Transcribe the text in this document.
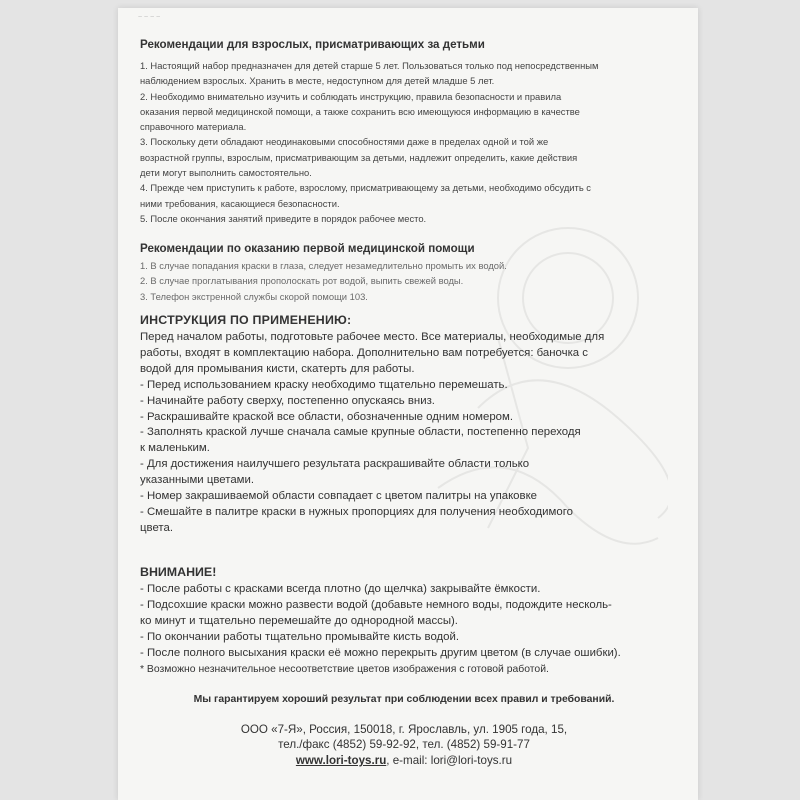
~ ~ ~ ~
Рекомендации для взрослых, присматривающих за детьми

1. Настоящий набор предназначен для детей старше 5 лет. Пользоваться только под непосредственным

наблюдением взрослых. Хранить в месте, недоступном для детей младше 5 лет.

2. Необходимо внимательно изучить и соблюдать инструкцию, правила безопасности и правила

оказания первой медицинской помощи, а также сохранить всю имеющуюся информацию в качестве

справочного материала.

3. Поскольку дети обладают неодинаковыми способностями даже в пределах одной и той же

возрастной группы, взрослым, присматривающим за детьми, надлежит определить, какие действия

дети могут выполнить самостоятельно.

4. Прежде чем приступить к работе, взрослому, присматривающему за детьми, необходимо обсудить с

ними требования, касающиеся безопасности.

5. После окончания занятий приведите в порядок рабочее место.

Рекомендации по оказанию первой медицинской помощи

1. В случае попадания краски в глаза, следует незамедлительно промыть их водой.

2. В случае проглатывания прополоскать рот водой, выпить свежей воды.

3. Телефон экстренной службы скорой помощи 103.

ИНСТРУКЦИЯ ПО ПРИМЕНЕНИЮ:

Перед началом работы, подготовьте рабочее место. Все материалы, необходимые для

работы, входят в комплектацию набора. Дополнительно вам потребуется: баночка с

водой для промывания кисти, скатерть для работы.

- Перед использованием краску необходимо тщательно перемешать.

- Начинайте работу сверху, постепенно опускаясь вниз.

- Раскрашивайте краской все области, обозначенные одним номером.

- Заполнять краской лучше сначала самые крупные области, постепенно переходя

к маленьким.

- Для достижения наилучшего результата раскрашивайте области только

указанными цветами.

- Номер закрашиваемой области совпадает с цветом палитры на упаковке

- Смешайте в палитре краски в нужных пропорциях для получения необходимого

цвета.

ВНИМАНИЕ!

- После работы с красками всегда плотно (до щелчка) закрывайте ёмкости.

- Подсохшие краски можно развести водой (добавьте немного воды, подождите несколь-

ко минут и тщательно перемешайте до однородной массы).

- По окончании работы тщательно промывайте кисть водой.

- После полного высыхания краски её можно перекрыть другим цветом (в случае ошибки).

* Возможно незначительное несоответствие цветов изображения с готовой работой.

Мы гарантируем хороший результат при соблюдении всех правил и требований.
ООО «7-Я», Россия, 150018, г. Ярославль, ул. 1905 года, 15,
тел./факс (4852) 59-92-92, тел. (4852) 59-91-77
www.lori-toys.ru, e-mail: lori@lori-toys.ru
